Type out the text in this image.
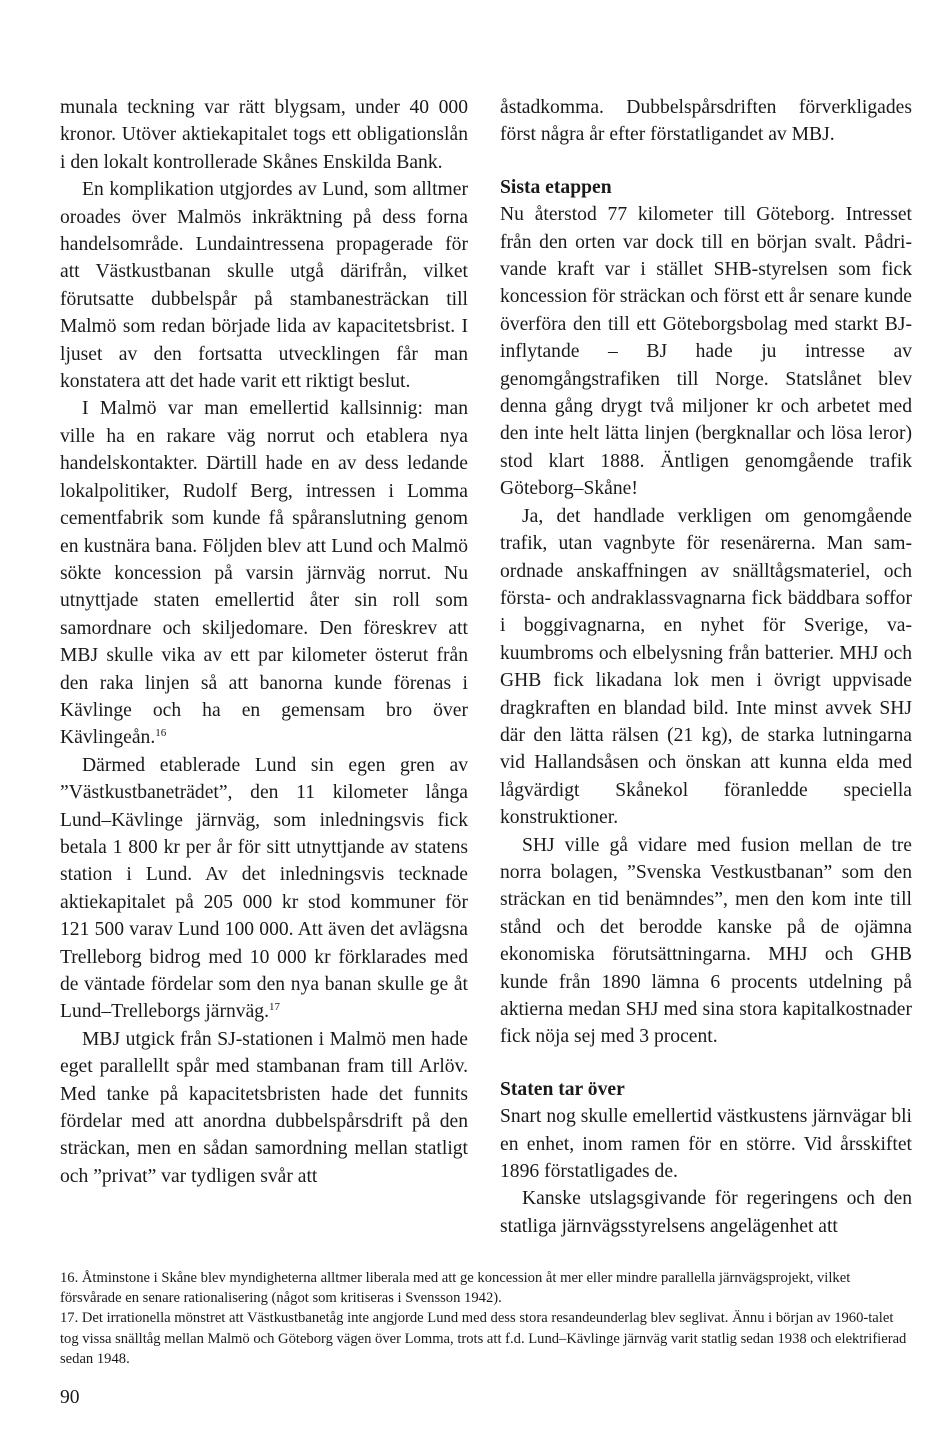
munala teckning var rätt blygsam, under 40 000 kronor. Utöver aktiekapitalet togs ett obligationslån i den lokalt kontrollerade Skånes Enskilda Bank.

En komplikation utgjordes av Lund, som alltmer oroades över Malmös inkräktning på dess forna handelsområde. Lundaintressena propagerade för att Västkustbanan skulle utgå därifrån, vilket förutsatte dubbelspår på stambanesträckan till Malmö som redan började lida av kapacitetsbrist. I ljuset av den fortsatta utvecklingen får man konstatera att det hade varit ett riktigt beslut.

I Malmö var man emellertid kallsinnig: man ville ha en rakare väg norrut och etablera nya handelskontakter. Därtill hade en av dess ledande lokalpolitiker, Rudolf Berg, intressen i Lomma cementfabrik som kunde få spåranslutning genom en kustnära bana. Följden blev att Lund och Malmö sökte koncession på varsin järnväg norrut. Nu utnyttjade staten emellertid åter sin roll som samordnare och skiljedomare. Den föreskrev att MBJ skulle vika av ett par kilometer österut från den raka linjen så att banorna kunde förenas i Kävlinge och ha en gemensam bro över Kävlingeån.$^{16}$

Därmed etablerade Lund sin egen gren av ”Västkustbaneträdet”, den 11 kilometer långa Lund–Kävlinge järnväg, som inledningsvis fick betala 1 800 kr per år för sitt utnyttjande av statens station i Lund. Av det inledningsvis tecknade aktiekapitalet på 205 000 kr stod kommuner för 121 500 varav Lund 100 000. Att även det avlägsna Trelleborg bidrog med 10 000 kr förklarades med de väntade fördelar som den nya banan skulle ge åt Lund–Trelleborgs järnväg.$^{17}$

MBJ utgick från SJ-stationen i Malmö men hade eget parallellt spår med stambanan fram till Arlöv. Med tanke på kapacitetsbristen hade det funnits fördelar med att anordna dubbelspårsdrift på den sträckan, men en sådan samordning mellan statligt och ”privat” var tydligen svår att

åstadkomma. Dubbelspårsdriften förverkligades först några år efter förstatligandet av MBJ.

Sista etappen

Nu återstod 77 kilometer till Göteborg. Intresset från den orten var dock till en början svalt. Pådrivande kraft var i stället SHB-styrelsen som fick koncession för sträckan och först ett år senare kunde överföra den till ett Göteborgsbolag med starkt BJ-inflytande – BJ hade ju intresse av genomgångstrafiken till Norge. Statslånet blev denna gång drygt två miljoner kr och arbetet med den inte helt lätta linjen (bergknallar och lösa leror) stod klart 1888. Äntligen genomgående trafik Göteborg–Skåne!

Ja, det handlade verkligen om genomgående trafik, utan vagnbyte för resenärerna. Man samordnade anskaffningen av snälltågsmateriel, och första- och andraklassvagnarna fick bäddbara soffor i boggivagnarna, en nyhet för Sverige, vakuumbroms och elbelysning från batterier. MHJ och GHB fick likadana lok men i övrigt uppvisade dragkraften en blandad bild. Inte minst avvek SHJ där den lätta rälsen (21 kg), de starka lutningarna vid Hallandsåsen och önskan att kunna elda med lågvärdigt Skånekol föranledde speciella konstruktioner.

SHJ ville gå vidare med fusion mellan de tre norra bolagen, ”Svenska Vestkustbanan” som den sträckan en tid benämndes”, men den kom inte till stånd och det berodde kanske på de ojämna ekonomiska förutsättningarna. MHJ och GHB kunde från 1890 lämna 6 procents utdelning på aktierna medan SHJ med sina stora kapitalkostnader fick nöja sej med 3 procent.

Staten tar över

Snart nog skulle emellertid västkustens järnvägar bli en enhet, inom ramen för en större. Vid årsskiftet 1896 förstatligades de.

Kanske utslagsgivande för regeringens och den statliga järnvägsstyrelsens angelägenhet att

16. Åtminstone i Skåne blev myndigheterna alltmer liberala med att ge koncession åt mer eller mindre parallella järnvägsprojekt, vilket försvårade en senare rationalisering (något som kritiseras i Svensson 1942).

17. Det irrationella mönstret att Västkustbanetåg inte angjorde Lund med dess stora resandeunderlag blev seglivat. Ännu i början av 1960-talet tog vissa snälltåg mellan Malmö och Göteborg vägen över Lomma, trots att f.d. Lund–Kävlinge järnväg varit statlig sedan 1938 och elektrifierad sedan 1948.

90
